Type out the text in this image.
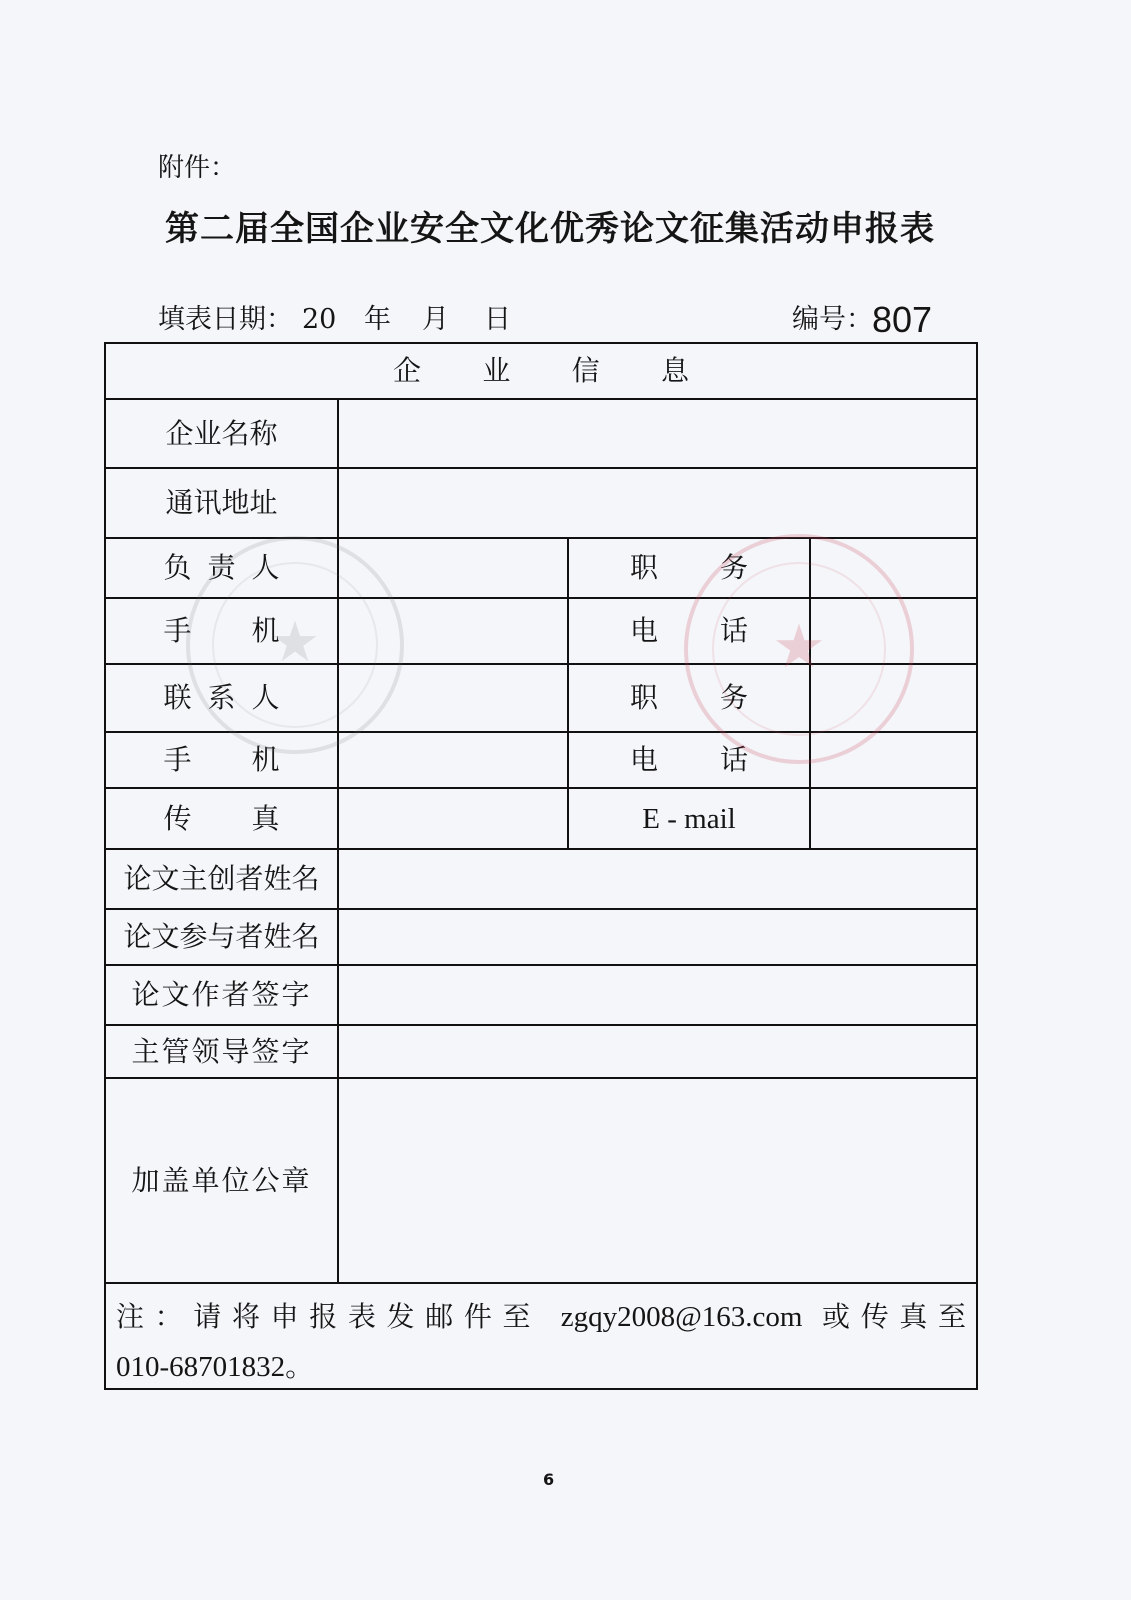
附件：
第二届全国企业安全文化优秀论文征集活动申报表
填表日期： 20 年 月 日	编号： 807
企 业 信 息
企业名称
通讯地址
负 责 人	职 务
手 机	电 话
联 系 人	职 务
手 机	电 话
传 真	E - mail
论文主创者姓名
论文参与者姓名
论文作者签字
主管领导签字
加盖单位公章
注：请将申报表发邮件至 zgqy2008@163.com 或传真至
010-68701832。
★
6
